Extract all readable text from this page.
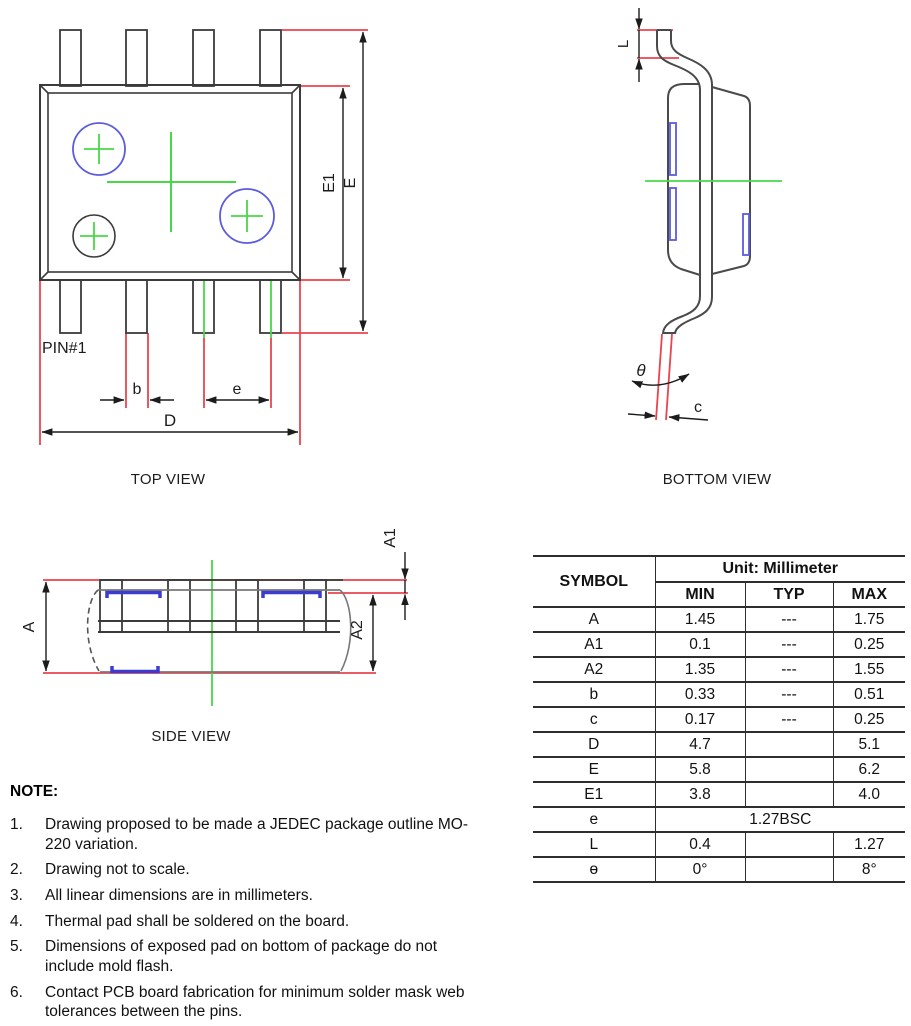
PIN#1
b	e
D
E1 E
L
θ
c
A
A1
A2
TOP VIEW	BOTTOM VIEW
SIDE VIEW
SYMBOL	Unit: Millimeter		
	MIN	TYP	MAX
A	1.45	---	1.75
A1	0.1	---	0.25
A2	1.35	---	1.55
b	0.33	---	0.51
c	0.17	---	0.25
D	4.7		5.1
E	5.8		6.2
E1	3.8		4.0
e	1.27BSC		
L	0.4		1.27
ɵ	0°		8°
NOTE:
1.	Drawing proposed to be made a JEDEC package outline MO-220 variation.
2.	Drawing not to scale.
3.	All linear dimensions are in millimeters.
4.	Thermal pad shall be soldered on the board.
5.	Dimensions of exposed pad on bottom of package do not include mold flash.
6.	Contact PCB board fabrication for minimum solder mask web tolerances between the pins.
